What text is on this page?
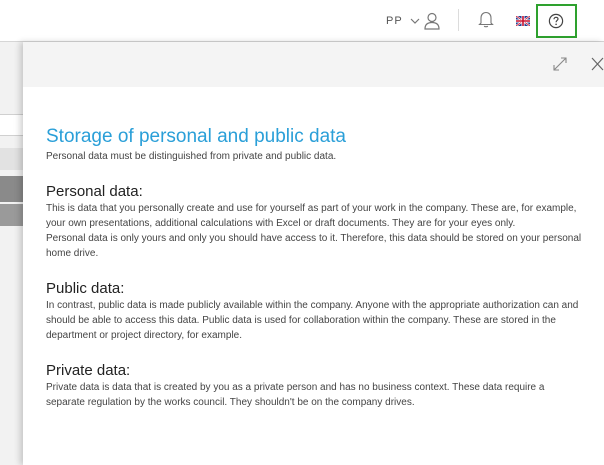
PP
Storage of personal and public data

Personal data must be distinguished from private and public data.

Personal data:

This is data that you personally create and use for yourself as part of your work in the company. These are, for example, your own presentations, additional calculations with Excel or draft documents. They are for your eyes only.

Personal data is only yours and only you should have access to it. Therefore, this data should be stored on your personal home drive.

Public data:

In contrast, public data is made publicly available within the company. Anyone with the appropriate authorization can and should be able to access this data. Public data is used for collaboration within the company. These are stored in the department or project directory, for example.

Private data:

Private data is data that is created by you as a private person and has no business context. These data require a separate regulation by the works council. They shouldn't be on the company drives.
